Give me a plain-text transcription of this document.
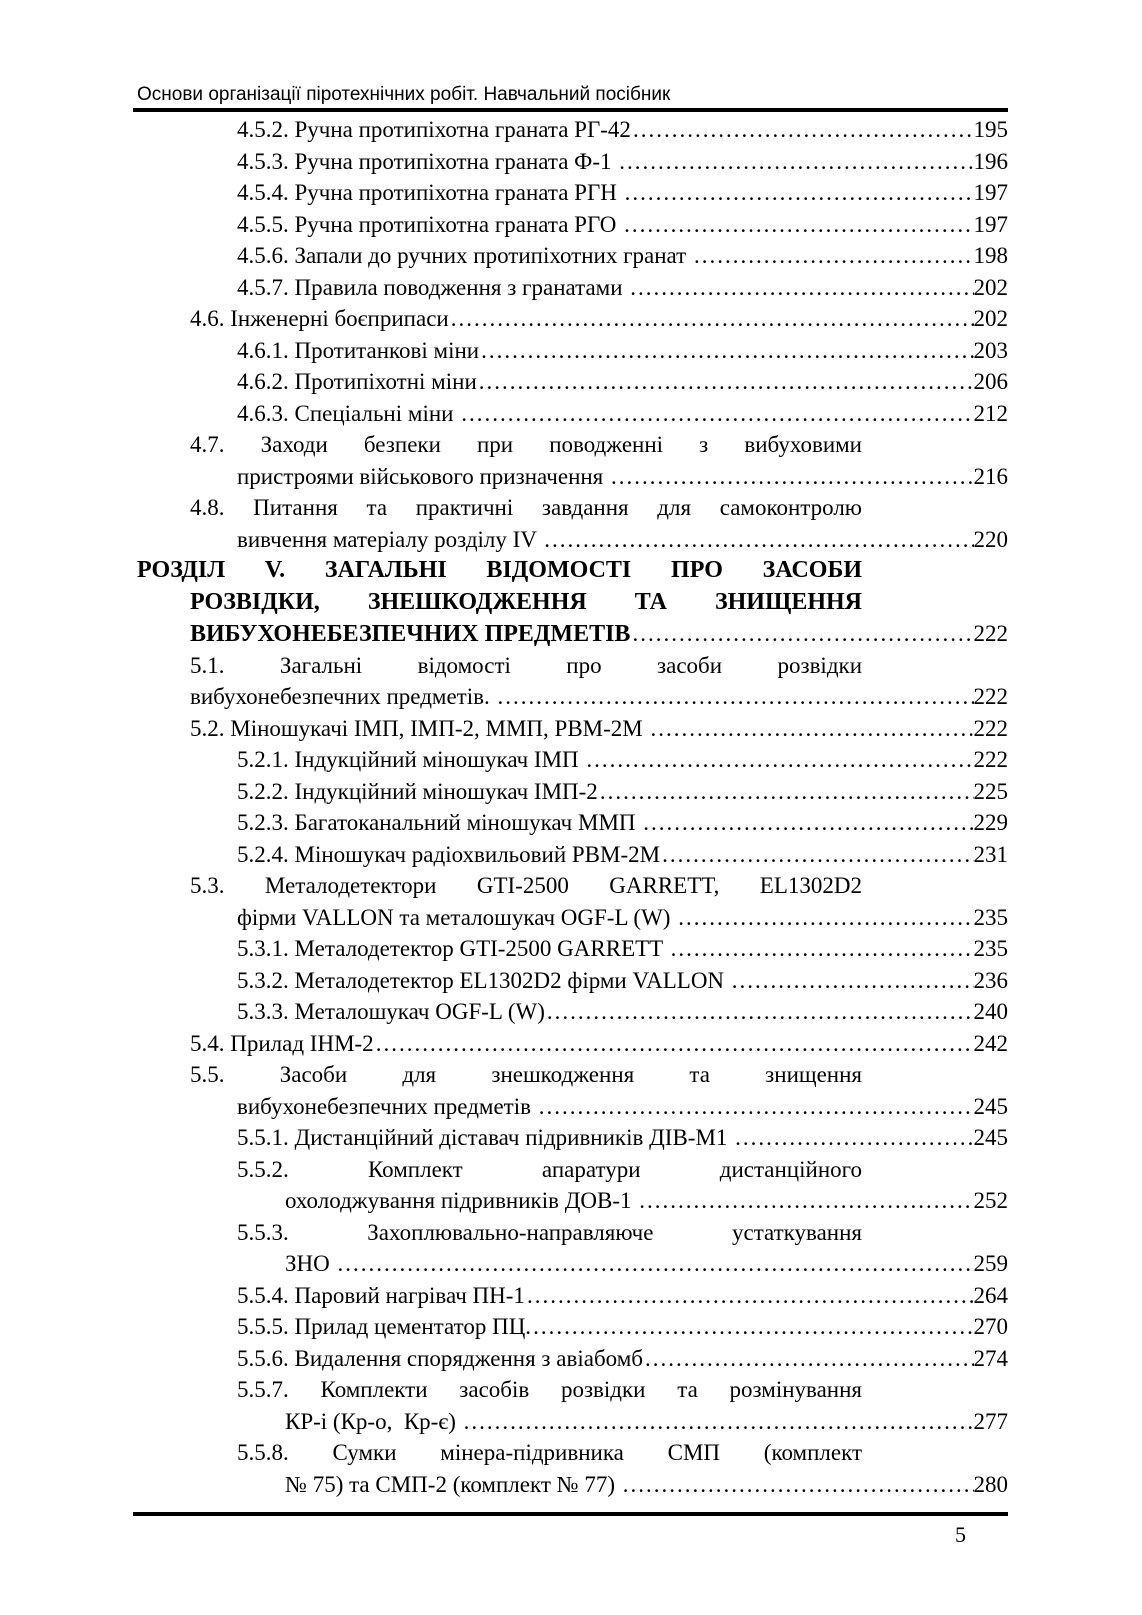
Основи організації піротехнічних робіт. Навчальний посібник
4.5.2. Ручна протипіхотна граната РГ-42 .....	195
4.5.3. Ручна протипіхотна граната Ф-1 .....	196
4.5.4. Ручна протипіхотна граната РГН .....	197
4.5.5. Ручна протипіхотна граната РГО .....	197
4.5.6. Запали до ручних протипіхотних гранат .....	198
4.5.7. Правила поводження з гранатами .....	202
4.6. Інженерні боєприпаси .....	202
4.6.1. Протитанкові міни .....	203
4.6.2. Протипіхотні міни .....	206
4.6.3. Спеціальні міни .....	212
4.7. Заходи безпеки при поводженні з вибуховими
пристроями військового призначення .....	216
4.8. Питання та практичні завдання для самоконтролю
вивчення матеріалу розділу IV .....	220
РОЗДІЛ V. ЗАГАЛЬНІ ВІДОМОСТІ ПРО ЗАСОБИ
РОЗВІДКИ, ЗНЕШКОДЖЕННЯ ТА ЗНИЩЕННЯ
ВИБУХОНЕБЕЗПЕЧНИХ ПРЕДМЕТІВ .....	222
5.1. Загальні відомості про засоби розвідки
вибухонебезпечних предметів. .....	222
5.2. Міношукачі ІМП, ІМП-2, ММП, РВМ-2М .....	222
5.2.1. Індукційний міношукач ІМП .....	222
5.2.2. Індукційний міношукач ІМП-2 .....	225
5.2.3. Багатоканальний міношукач ММП .....	229
5.2.4. Міношукач радіохвильовий РВМ-2М .....	231
5.3. Металодетектори GTI-2500 GARRETT, EL1302D2
фірми VALLON та металошукач OGF-L (W) .....	235
5.3.1. Металодетектор GTI-2500 GARRETT .....	235
5.3.2. Металодетектор EL1302D2 фірми VALLON .....	236
5.3.3. Металошукач OGF-L (W) .....	240
5.4. Прилад ІНМ-2 .....	242
5.5. Засоби для знешкодження та знищення
вибухонебезпечних предметів .....	245
5.5.1. Дистанційний діставач підривників ДІВ-М1 .....	245
5.5.2. Комплект апаратури дистанційного
охолоджування підривників ДОВ-1 .....	252
5.5.3. Захоплювально-направляюче устаткування
ЗНО .....	259
5.5.4. Паровий нагрівач ПН-1 .....	264
5.5.5. Прилад цементатор ПЦ. .....	270
5.5.6. Видалення спорядження з авіабомб .....	274
5.5.7. Комплекти засобів розвідки та розмінування
КР-і (Кр-о,  Кр-є) .....	277
5.5.8. Сумки мінера-підривника СМП (комплект
№ 75) та СМП-2 (комплект № 77) .....	280
5
